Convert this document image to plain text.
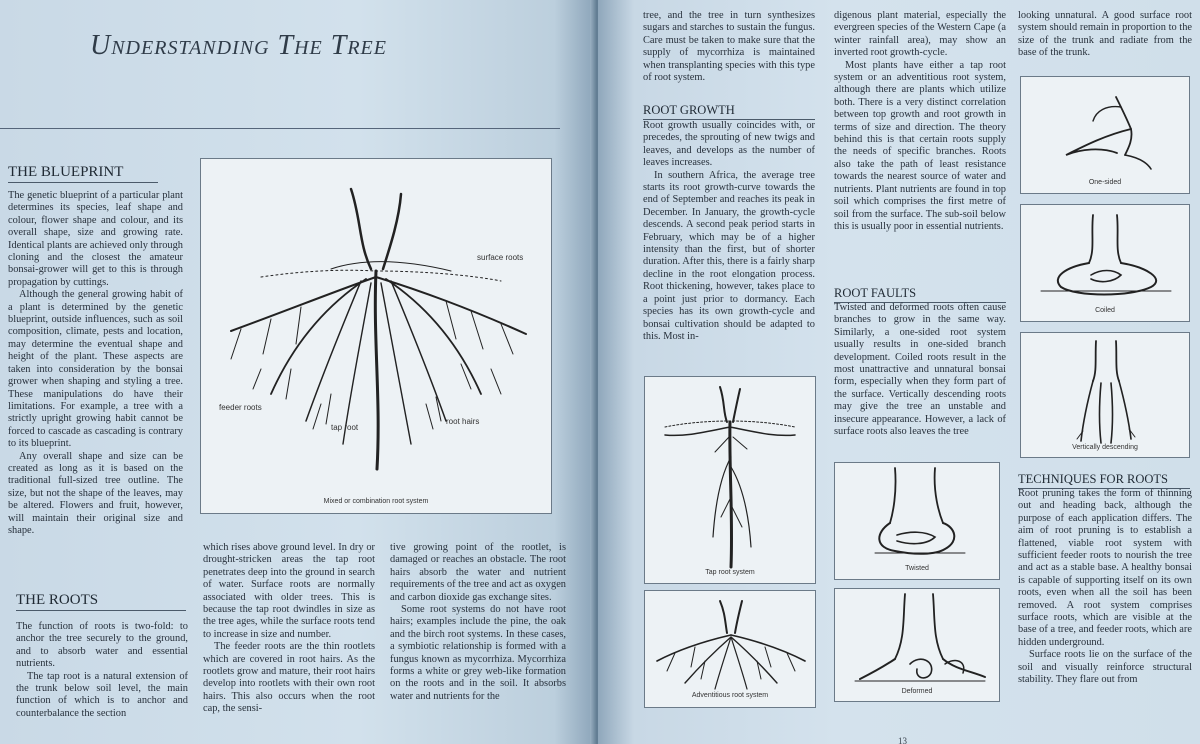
Understanding The Tree
THE BLUEPRINT

The genetic blueprint of a particular plant determines its species, leaf shape and colour, flower shape and colour, and its overall shape, size and growing rate. Identical plants are achieved only through cloning and the closest the amateur bonsai-grower will get to this is through propagation by cuttings.

Although the general growing habit of a plant is determined by the genetic blueprint, outside influences, such as soil composition, climate, pests and location, may determine the eventual shape and height of the plant. These aspects are taken into consideration by the bonsai grower when shaping and styling a tree. These manipulations do have their limitations. For example, a tree with a strictly upright growing habit cannot be forced to cascade as cascading is contrary to its blueprint.

Any overall shape and size can be created as long as it is based on the traditional full-sized tree outline. The size, but not the shape of the leaves, may be altered. Flowers and fruit, however, will maintain their original size and shape.

THE ROOTS

The function of roots is two-fold: to anchor the tree securely to the ground, and to absorb water and essential nutrients.

The tap root is a natural extension of the trunk below soil level, the main function of which is to anchor and counterbalance the section

surface roots
feeder roots
tap root
root hairs
Mixed or combination root system

which rises above ground level. In dry or drought-stricken areas the tap root penetrates deep into the ground in search of water. Surface roots are normally associated with older trees. This is because the tap root dwindles in size as the tree ages, while the surface roots tend to increase in size and number.

The feeder roots are the thin rootlets which are covered in root hairs. As the rootlets grow and mature, their root hairs develop into rootlets with their own root hairs. This also occurs when the root cap, the sensi-

tive growing point of the rootlet, is damaged or reaches an obstacle. The root hairs absorb the water and nutrient requirements of the tree and act as oxygen and carbon dioxide gas exchange sites.

Some root systems do not have root hairs; examples include the pine, the oak and the birch root systems. In these cases, a symbiotic relationship is formed with a fungus known as mycorrhiza. Mycorrhiza forms a white or grey web-like formation on the roots and in the soil. It absorbs water and nutrients for the

tree, and the tree in turn synthesizes sugars and starches to sustain the fungus. Care must be taken to make sure that the supply of mycorrhiza is maintained when transplanting species with this type of root system.

ROOT GROWTH

Root growth usually coincides with, or precedes, the sprouting of new twigs and leaves, and develops as the number of leaves increases.

In southern Africa, the average tree starts its root growth-curve towards the end of September and reaches its peak in December. In January, the growth-cycle descends. A second peak period starts in February, which may be of a higher intensity than the first, but of shorter duration. After this, there is a fairly sharp decline in the root elongation process. Root thickening, however, takes place to a point just prior to dormancy. Each species has its own growth-cycle and bonsai cultivation should be adapted to this. Most in-

Tap root system
Adventitious root system

digenous plant material, especially the evergreen species of the Western Cape (a winter rainfall area), may show an inverted root growth-cycle.

Most plants have either a tap root system or an adventitious root system, although there are plants which utilize both. There is a very distinct correlation between top growth and root growth in terms of size and direction. The theory behind this is that certain roots supply the needs of specific branches. Roots also take the path of least resistance towards the nearest source of water and nutrients. Plant nutrients are found in top soil which comprises the first metre of soil from the surface. The sub-soil below this is usually poor in essential nutrients.

ROOT FAULTS

Twisted and deformed roots often cause branches to grow in the same way. Similarly, a one-sided root system usually results in one-sided branch development. Coiled roots result in the most unattractive and unnatural bonsai form, especially when they form part of the surface. Vertically descending roots may give the tree an unstable and insecure appearance. However, a lack of surface roots also leaves the tree

Twisted
Deformed

looking unnatural. A good surface root system should remain in proportion to the size of the trunk and radiate from the base of the trunk.

One-sided
Coiled
Vertically descending
TECHNIQUES FOR ROOTS

Root pruning takes the form of thinning out and heading back, although the purpose of each application differs. The aim of root pruning is to establish a flattened, viable root system with sufficient feeder roots to nourish the tree and act as a stable base. A healthy bonsai is capable of supporting itself on its own roots, even when all the soil has been removed. A root system comprises surface roots, which are visible at the base of a tree, and feeder roots, which are hidden underground.

Surface roots lie on the surface of the soil and visually reinforce structural stability. They flare out from

13
